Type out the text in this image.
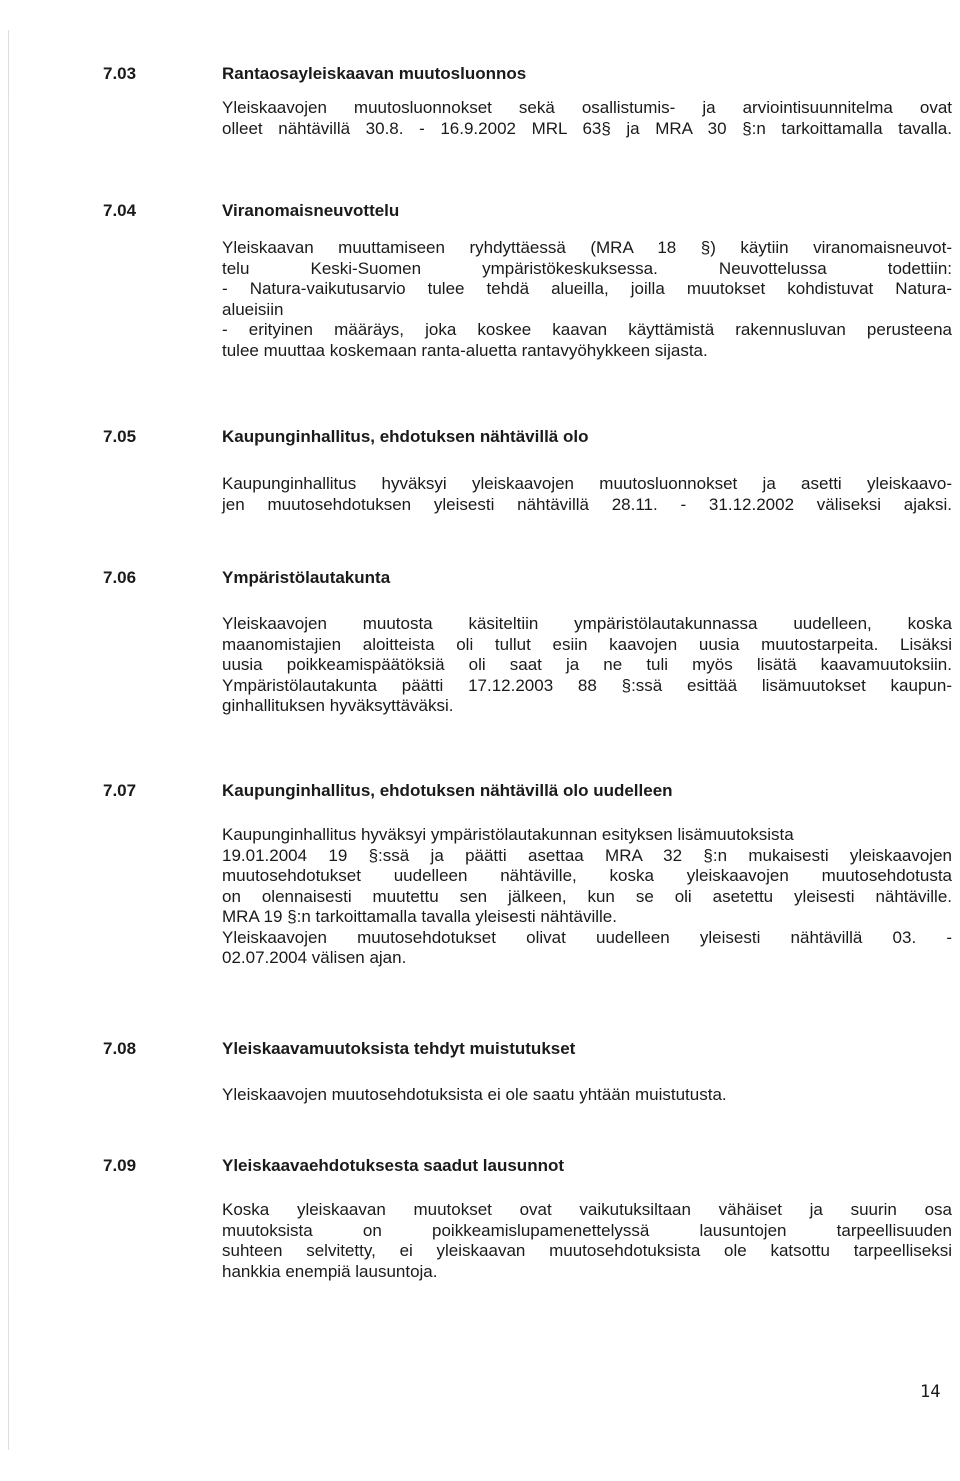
7.03	Rantaosayleiskaavan muutosluonnos
Yleiskaavojen muutosluonnokset sekä osallistumis- ja arviointisuunnitelma ovat
olleet nähtävillä 30.8. - 16.9.2002 MRL 63§ ja MRA 30 §:n tarkoittamalla tavalla.
7.04	Viranomaisneuvottelu
Yleiskaavan muuttamiseen ryhdyttäessä (MRA 18 §) käytiin viranomaisneuvot-
telu Keski-Suomen ympäristökeskuksessa. Neuvottelussa todettiin:
- Natura-vaikutusarvio tulee tehdä alueilla, joilla muutokset kohdistuvat Natura-
alueisiin
- erityinen määräys, joka koskee kaavan käyttämistä rakennusluvan perusteena
tulee muuttaa koskemaan ranta-aluetta rantavyöhykkeen sijasta.
7.05	Kaupunginhallitus, ehdotuksen nähtävillä olo
Kaupunginhallitus hyväksyi yleiskaavojen muutosluonnokset ja asetti yleiskaavo-
jen muutosehdotuksen yleisesti nähtävillä 28.11. - 31.12.2002 väliseksi ajaksi.
7.06	Ympäristölautakunta
Yleiskaavojen muutosta käsiteltiin ympäristölautakunnassa uudelleen, koska
maanomistajien aloitteista oli tullut esiin kaavojen uusia muutostarpeita. Lisäksi
uusia poikkeamispäätöksiä oli saat ja ne tuli myös lisätä kaavamuutoksiin.
Ympäristölautakunta päätti 17.12.2003 88 §:ssä esittää lisämuutokset kaupun-
ginhallituksen hyväksyttäväksi.
7.07	Kaupunginhallitus, ehdotuksen nähtävillä olo uudelleen
Kaupunginhallitus hyväksyi ympäristölautakunnan esityksen lisämuutoksista
19.01.2004 19 §:ssä ja päätti asettaa MRA 32 §:n mukaisesti yleiskaavojen
muutosehdotukset uudelleen nähtäville, koska yleiskaavojen muutosehdotusta
on olennaisesti muutettu sen jälkeen, kun se oli asetettu yleisesti nähtäville.
MRA 19 §:n tarkoittamalla tavalla yleisesti nähtäville.
Yleiskaavojen muutosehdotukset olivat uudelleen yleisesti nähtävillä 03. -
02.07.2004 välisen ajan.
7.08	Yleiskaavamuutoksista tehdyt muistutukset
Yleiskaavojen muutosehdotuksista ei ole saatu yhtään muistutusta.
7.09	Yleiskaavaehdotuksesta saadut lausunnot
Koska yleiskaavan muutokset ovat vaikutuksiltaan vähäiset ja suurin osa
muutoksista on poikkeamislupamenettelyssä lausuntojen tarpeellisuuden
suhteen selvitetty, ei yleiskaavan muutosehdotuksista ole katsottu tarpeelliseksi
hankkia enempiä lausuntoja.
14
